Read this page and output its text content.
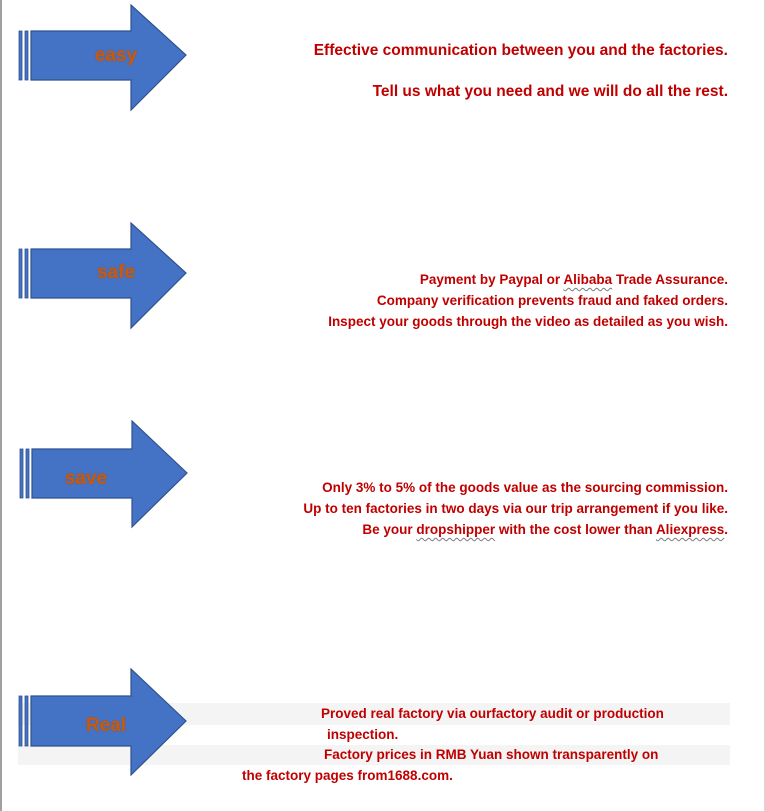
easy	Effective communication between you and the factories.
Tell us what you need and we will do all the rest.
safe	Payment by Paypal or Alibaba Trade Assurance.
Company verification prevents fraud and faked orders.
Inspect your goods through the video as detailed as you wish.
save	Only 3% to 5% of the goods value as the sourcing commission.
Up to ten factories in two days via our trip arrangement if you like.
Be your dropshipper with the cost lower than Aliexpress.
Real
Proved real factory via ourfactory audit or production
inspection.
Factory prices in RMB Yuan shown transparently on
the factory pages from1688.com.
